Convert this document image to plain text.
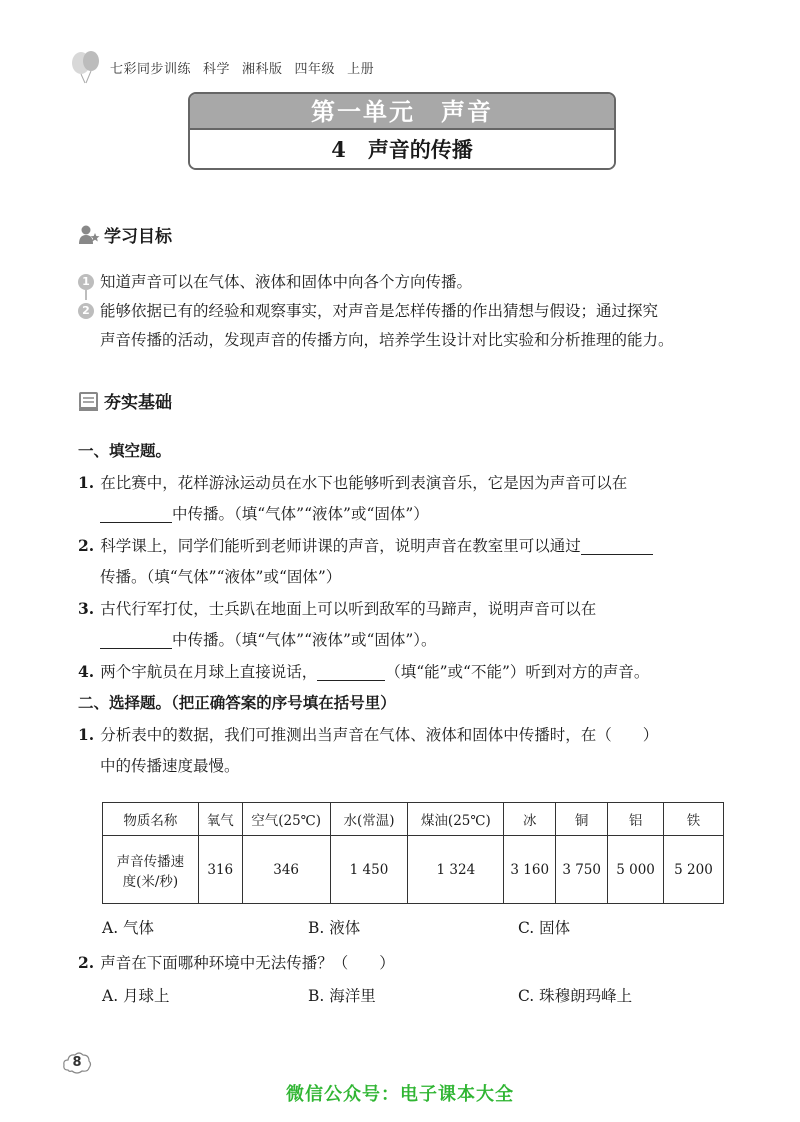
七彩同步训练 科学 湘科版 四年级 上册
第一单元　声音
4 声音的传播
学习目标
1 知道声音可以在气体、液体和固体中向各个方向传播。
2 能够依据已有的经验和观察事实，对声音是怎样传播的作出猜想与假设；通过探究
声音传播的活动，发现声音的传播方向，培养学生设计对比实验和分析推理的能力。
夯实基础
一、填空题。
1. 在比赛中，花样游泳运动员在水下也能够听到表演音乐，它是因为声音可以在
中传播。（填“气体”“液体”或“固体”）
2. 科学课上，同学们能听到老师讲课的声音，说明声音在教室里可以通过
传播。（填“气体”“液体”或“固体”）
3. 古代行军打仗，士兵趴在地面上可以听到敌军的马蹄声，说明声音可以在
中传播。（填“气体”“液体”或“固体”）。
4. 两个宇航员在月球上直接说话，	（填“能”或“不能”）听到对方的声音。
二、选择题。（把正确答案的序号填在括号里）
1. 分析表中的数据，我们可推测出当声音在气体、液体和固体中传播时，在（　　）
中的传播速度最慢。
物质名称	氧气	空气(25℃)	水(常温)	煤油(25℃)	冰	铜	铝	铁

声音传播速
度(米/秒)	316	346	1 450	1 324	3 160	3 750	5 000	5 200
A. 气体	B. 液体	C. 固体
2. 声音在下面哪种环境中无法传播？（　　）
A. 月球上	B. 海洋里	C. 珠穆朗玛峰上
8
微信公众号：电子课本大全
